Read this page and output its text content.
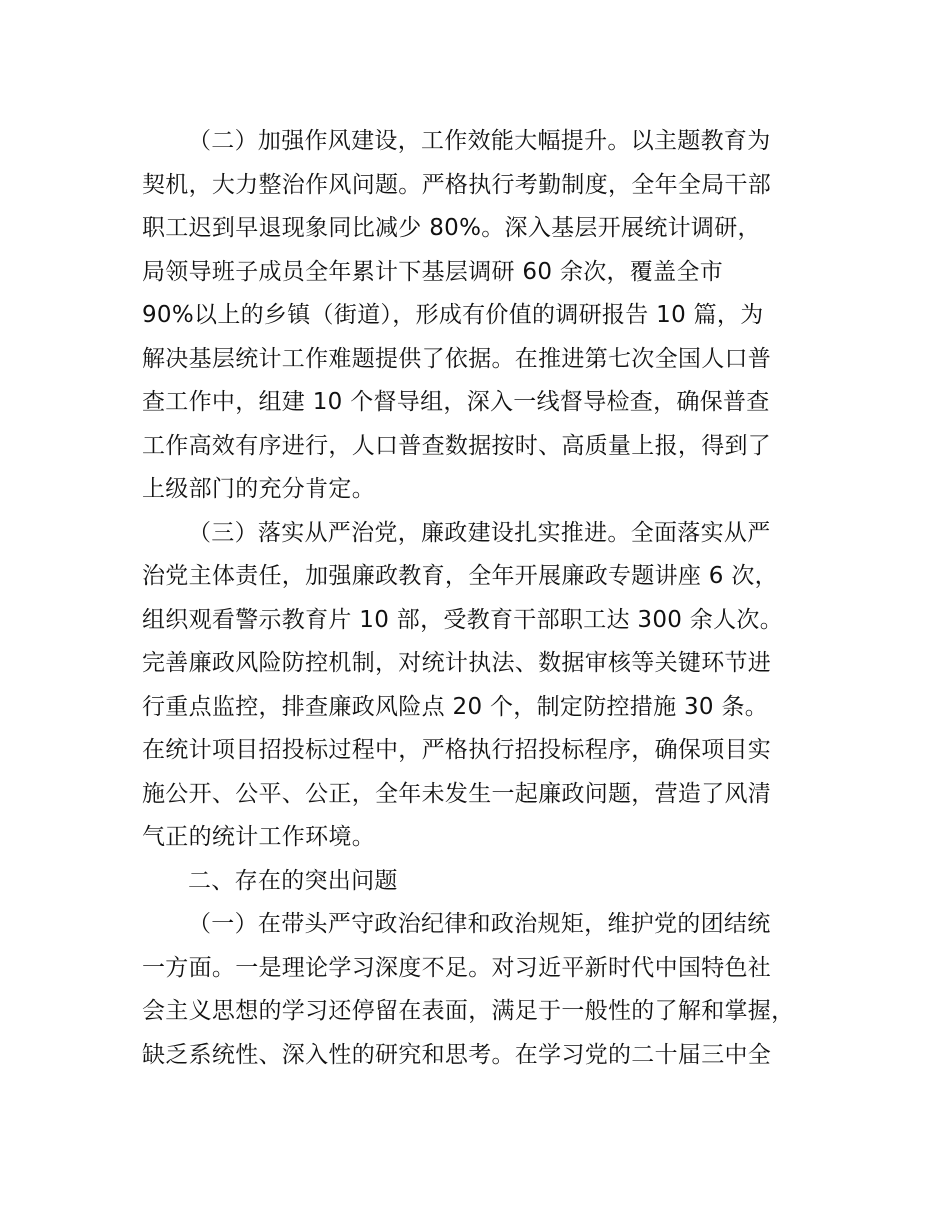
（二）加强作风建设，工作效能大幅提升。以主题教育为
契机，大力整治作风问题。严格执行考勤制度，全年全局干部
职工迟到早退现象同比减少 80%。深入基层开展统计调研，
局领导班子成员全年累计下基层调研 60 余次，覆盖全市
90%以上的乡镇（街道），形成有价值的调研报告 10 篇，为
解决基层统计工作难题提供了依据。在推进第七次全国人口普
查工作中，组建 10 个督导组，深入一线督导检查，确保普查
工作高效有序进行，人口普查数据按时、高质量上报，得到了
上级部门的充分肯定。
（三）落实从严治党，廉政建设扎实推进。全面落实从严
治党主体责任，加强廉政教育，全年开展廉政专题讲座 6 次，
组织观看警示教育片 10 部，受教育干部职工达 300 余人次。
完善廉政风险防控机制，对统计执法、数据审核等关键环节进
行重点监控，排查廉政风险点 20 个，制定防控措施 30 条。
在统计项目招投标过程中，严格执行招投标程序，确保项目实
施公开、公平、公正，全年未发生一起廉政问题，营造了风清
气正的统计工作环境。
二、存在的突出问题
（一）在带头严守政治纪律和政治规矩，维护党的团结统
一方面。一是理论学习深度不足。对习近平新时代中国特色社
会主义思想的学习还停留在表面，满足于一般性的了解和掌握，
缺乏系统性、深入性的研究和思考。在学习党的二十届三中全
